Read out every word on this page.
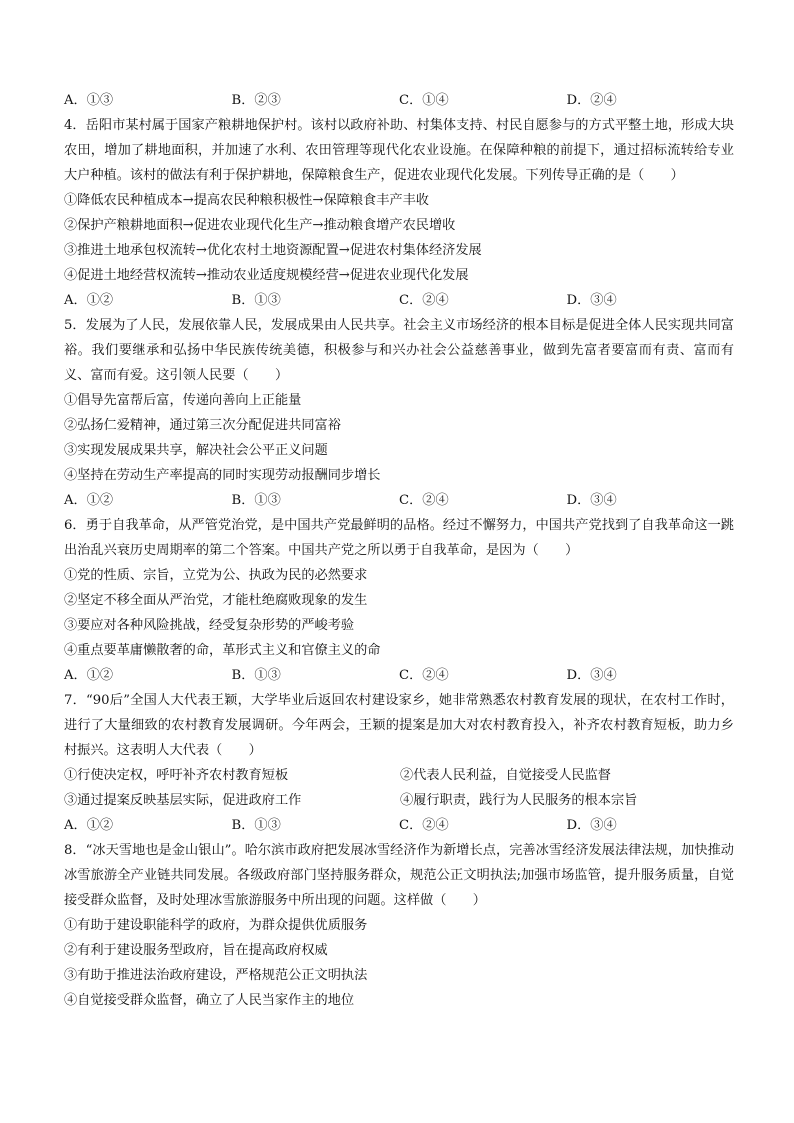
A．①③	B．②③	C．①④	D．②④
4．岳阳市某村属于国家产粮耕地保护村。该村以政府补助、村集体支持、村民自愿参与的方式平整土地，形成大块农田，增加了耕地面积，并加速了水利、农田管理等现代化农业设施。在保障种粮的前提下，通过招标流转给专业大户种植。该村的做法有利于保护耕地，保障粮食生产，促进农业现代化发展。下列传导正确的是（　　）
①降低农民种植成本→提高农民种粮积极性→保障粮食丰产丰收
②保护产粮耕地面积→促进农业现代化生产→推动粮食增产农民增收
③推进土地承包权流转→优化农村土地资源配置→促进农村集体经济发展
④促进土地经营权流转→推动农业适度规模经营→促进农业现代化发展
A．①②	B．①③	C．②④	D．③④
5．发展为了人民，发展依靠人民，发展成果由人民共享。社会主义市场经济的根本目标是促进全体人民实现共同富裕。我们要继承和弘扬中华民族传统美德，积极参与和兴办社会公益慈善事业，做到先富者要富而有责、富而有义、富而有爱。这引领人民要（　　）
①倡导先富帮后富，传递向善向上正能量
②弘扬仁爱精神，通过第三次分配促进共同富裕
③实现发展成果共享，解决社会公平正义问题
④坚持在劳动生产率提高的同时实现劳动报酬同步增长
A．①②	B．①③	C．②④	D．③④
6．勇于自我革命，从严管党治党，是中国共产党最鲜明的品格。经过不懈努力，中国共产党找到了自我革命这一跳出治乱兴衰历史周期率的第二个答案。中国共产党之所以勇于自我革命，是因为（　　）
①党的性质、宗旨，立党为公、执政为民的必然要求
②坚定不移全面从严治党，才能杜绝腐败现象的发生
③要应对各种风险挑战，经受复杂形势的严峻考验
④重点要革庸懒散奢的命，革形式主义和官僚主义的命
A．①②	B．①③	C．②④	D．③④
7．“90后”全国人大代表王颖，大学毕业后返回农村建设家乡，她非常熟悉农村教育发展的现状，在农村工作时，进行了大量细致的农村教育发展调研。今年两会，王颖的提案是加大对农村教育投入，补齐农村教育短板，助力乡村振兴。这表明人大代表（　　）
①行使决定权，呼吁补齐农村教育短板	②代表人民利益，自觉接受人民监督
③通过提案反映基层实际，促进政府工作	④履行职责，践行为人民服务的根本宗旨
A．①②	B．①③	C．②④	D．③④
8．“冰天雪地也是金山银山”。哈尔滨市政府把发展冰雪经济作为新增长点，完善冰雪经济发展法律法规，加快推动冰雪旅游全产业链共同发展。各级政府部门坚持服务群众，规范公正文明执法;加强市场监管，提升服务质量，自觉接受群众监督，及时处理冰雪旅游服务中所出现的问题。这样做（　　）
①有助于建设职能科学的政府，为群众提供优质服务
②有利于建设服务型政府，旨在提高政府权威
③有助于推进法治政府建设，严格规范公正文明执法
④自觉接受群众监督，确立了人民当家作主的地位
